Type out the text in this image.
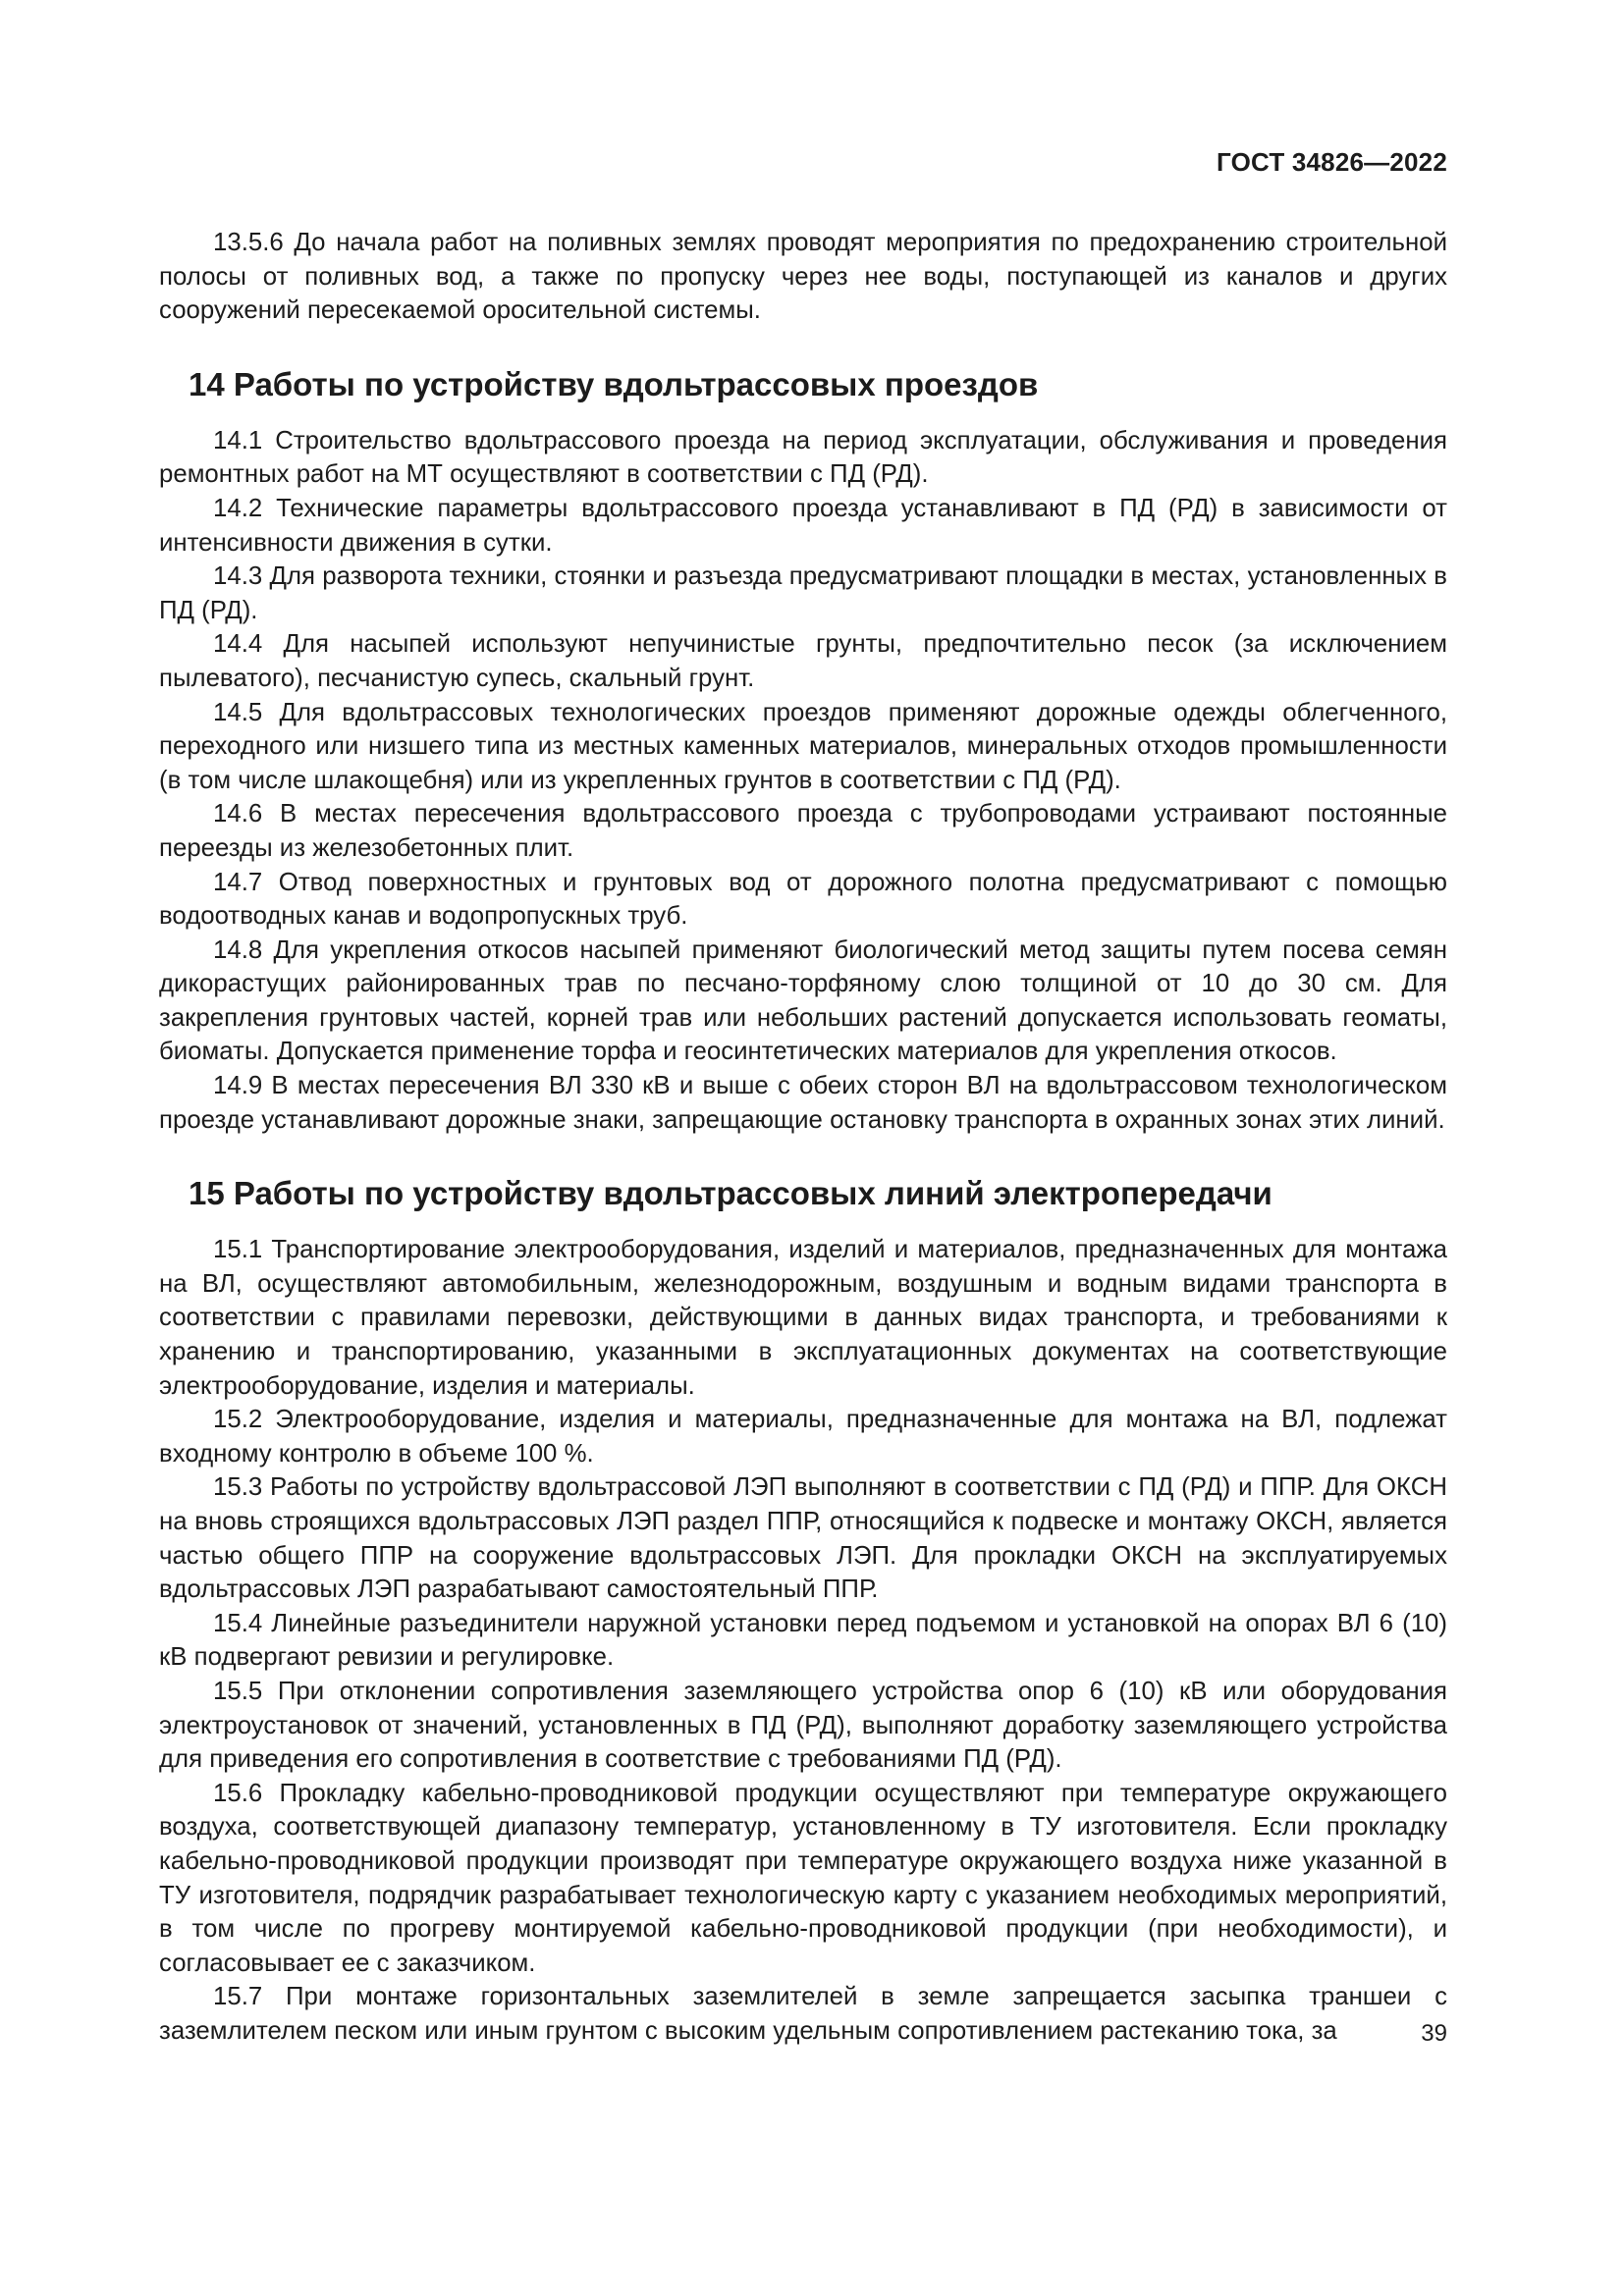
ГОСТ 34826—2022

13.5.6 До начала работ на поливных землях проводят мероприятия по предохранению строительной полосы от поливных вод, а также по пропуску через нее воды, поступающей из каналов и других сооружений пересекаемой оросительной системы.

14 Работы по устройству вдольтрассовых проездов

14.1 Строительство вдольтрассового проезда на период эксплуатации, обслуживания и проведения ремонтных работ на МТ осуществляют в соответствии с ПД (РД).

14.2 Технические параметры вдольтрассового проезда устанавливают в ПД (РД) в зависимости от интенсивности движения в сутки.

14.3 Для разворота техники, стоянки и разъезда предусматривают площадки в местах, установленных в ПД (РД).

14.4 Для насыпей используют непучинистые грунты, предпочтительно песок (за исключением пылеватого), песчанистую супесь, скальный грунт.

14.5 Для вдольтрассовых технологических проездов применяют дорожные одежды облегченного, переходного или низшего типа из местных каменных материалов, минеральных отходов промышленности (в том числе шлакощебня) или из укрепленных грунтов в соответствии с ПД (РД).

14.6 В местах пересечения вдольтрассового проезда с трубопроводами устраивают постоянные переезды из железобетонных плит.

14.7 Отвод поверхностных и грунтовых вод от дорожного полотна предусматривают с помощью водоотводных канав и водопропускных труб.

14.8 Для укрепления откосов насыпей применяют биологический метод защиты путем посева семян дикорастущих районированных трав по песчано-торфяному слою толщиной от 10 до 30 см. Для закрепления грунтовых частей, корней трав или небольших растений допускается использовать геоматы, биоматы. Допускается применение торфа и геосинтетических материалов для укрепления откосов.

14.9 В местах пересечения ВЛ 330 кВ и выше с обеих сторон ВЛ на вдольтрассовом технологическом проезде устанавливают дорожные знаки, запрещающие остановку транспорта в охранных зонах этих линий.

15 Работы по устройству вдольтрассовых линий электропередачи

15.1 Транспортирование электрооборудования, изделий и материалов, предназначенных для монтажа на ВЛ, осуществляют автомобильным, железнодорожным, воздушным и водным видами транспорта в соответствии с правилами перевозки, действующими в данных видах транспорта, и требованиями к хранению и транспортированию, указанными в эксплуатационных документах на соответствующие электрооборудование, изделия и материалы.

15.2 Электрооборудование, изделия и материалы, предназначенные для монтажа на ВЛ, подлежат входному контролю в объеме 100 %.

15.3 Работы по устройству вдольтрассовой ЛЭП выполняют в соответствии с ПД (РД) и ППР. Для ОКСН на вновь строящихся вдольтрассовых ЛЭП раздел ППР, относящийся к подвеске и монтажу ОКСН, является частью общего ППР на сооружение вдольтрассовых ЛЭП. Для прокладки ОКСН на эксплуатируемых вдольтрассовых ЛЭП разрабатывают самостоятельный ППР.

15.4 Линейные разъединители наружной установки перед подъемом и установкой на опорах ВЛ 6 (10) кВ подвергают ревизии и регулировке.

15.5 При отклонении сопротивления заземляющего устройства опор 6 (10) кВ или оборудования электроустановок от значений, установленных в ПД (РД), выполняют доработку заземляющего устройства для приведения его сопротивления в соответствие с требованиями ПД (РД).

15.6 Прокладку кабельно-проводниковой продукции осуществляют при температуре окружающего воздуха, соответствующей диапазону температур, установленному в ТУ изготовителя. Если прокладку кабельно-проводниковой продукции производят при температуре окружающего воздуха ниже указанной в ТУ изготовителя, подрядчик разрабатывает технологическую карту с указанием необходимых мероприятий, в том числе по прогреву монтируемой кабельно-проводниковой продукции (при необходимости), и согласовывает ее с заказчиком.

15.7 При монтаже горизонтальных заземлителей в земле запрещается засыпка траншеи с заземлителем песком или иным грунтом с высоким удельным сопротивлением растеканию тока, за	39
